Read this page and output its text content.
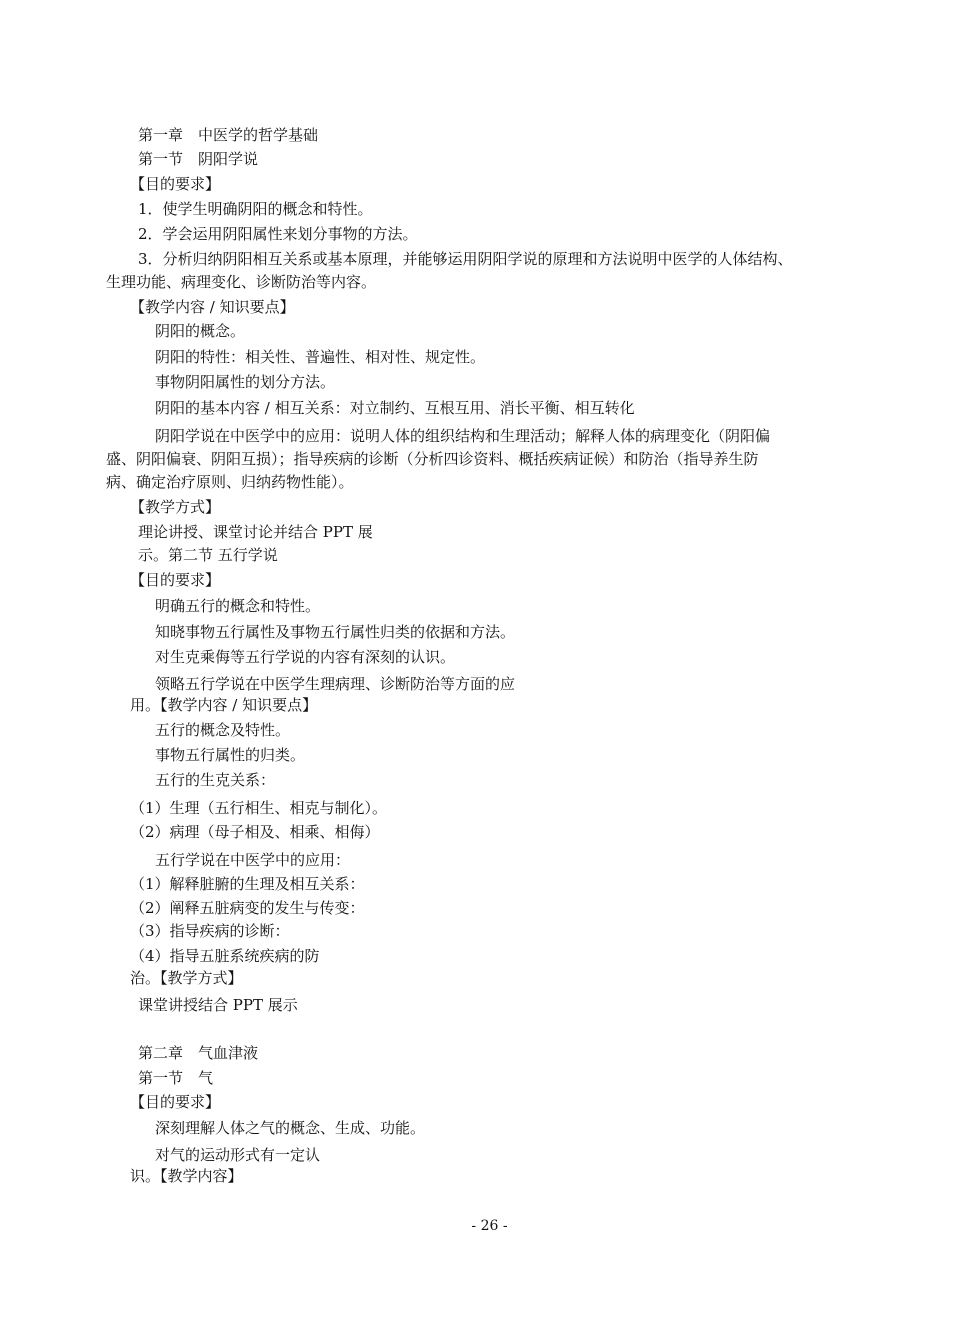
第一章　中医学的哲学基础
第一节　阴阳学说
【目的要求】
1．使学生明确阴阳的概念和特性。
2．学会运用阴阳属性来划分事物的方法。
3．分析归纳阴阳相互关系或基本原理，并能够运用阴阳学说的原理和方法说明中医学的人体结构、
生理功能、病理变化、诊断防治等内容。
【教学内容 / 知识要点】
阴阳的概念。
阴阳的特性：相关性、普遍性、相对性、规定性。
事物阴阳属性的划分方法。
阴阳的基本内容 / 相互关系：对立制约、互根互用、消长平衡、相互转化
阴阳学说在中医学中的应用：说明人体的组织结构和生理活动；解释人体的病理变化（阴阳偏
盛、阴阳偏衰、阴阳互损）；指导疾病的诊断（分析四诊资料、概括疾病证候）和防治（指导养生防
病、确定治疗原则、归纳药物性能）。
【教学方式】
理论讲授、课堂讨论并结合 PPT 展
示。第二节 五行学说
【目的要求】
明确五行的概念和特性。
知晓事物五行属性及事物五行属性归类的依据和方法。
对生克乘侮等五行学说的内容有深刻的认识。
领略五行学说在中医学生理病理、诊断防治等方面的应
用。【教学内容 / 知识要点】
五行的概念及特性。
事物五行属性的归类。
五行的生克关系：
（1）生理（五行相生、相克与制化）。
（2）病理（母子相及、相乘、相侮）
五行学说在中医学中的应用：
（1）解释脏腑的生理及相互关系：
（2）阐释五脏病变的发生与传变：
（3）指导疾病的诊断：
（4）指导五脏系统疾病的防
治。【教学方式】
课堂讲授结合 PPT 展示
第二章　气血津液
第一节　气
【目的要求】
深刻理解人体之气的概念、生成、功能。
对气的运动形式有一定认
识。【教学内容】
- 26 -
